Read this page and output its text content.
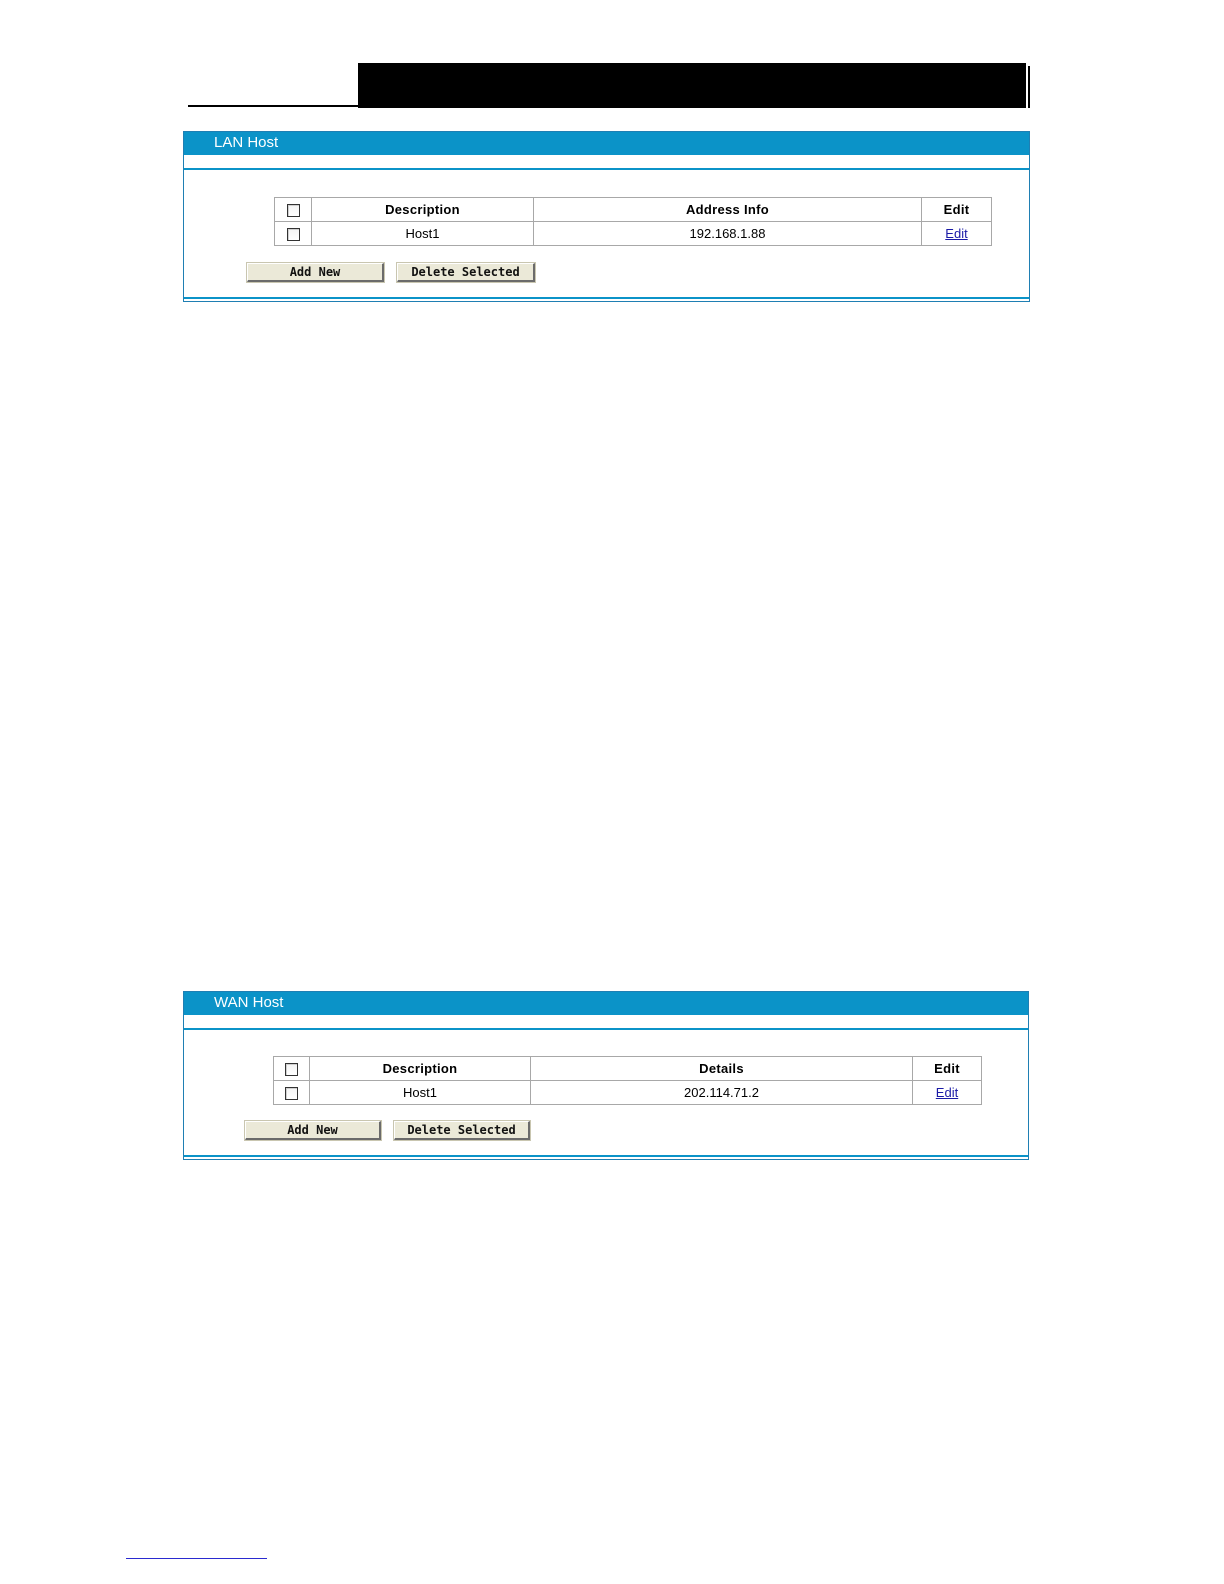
LAN Host
	Description	Address Info	Edit
	Host1	192.168.1.88	Edit
Add New	Delete Selected
WAN Host
	Description	Details	Edit
	Host1	202.114.71.2	Edit
Add New	Delete Selected
